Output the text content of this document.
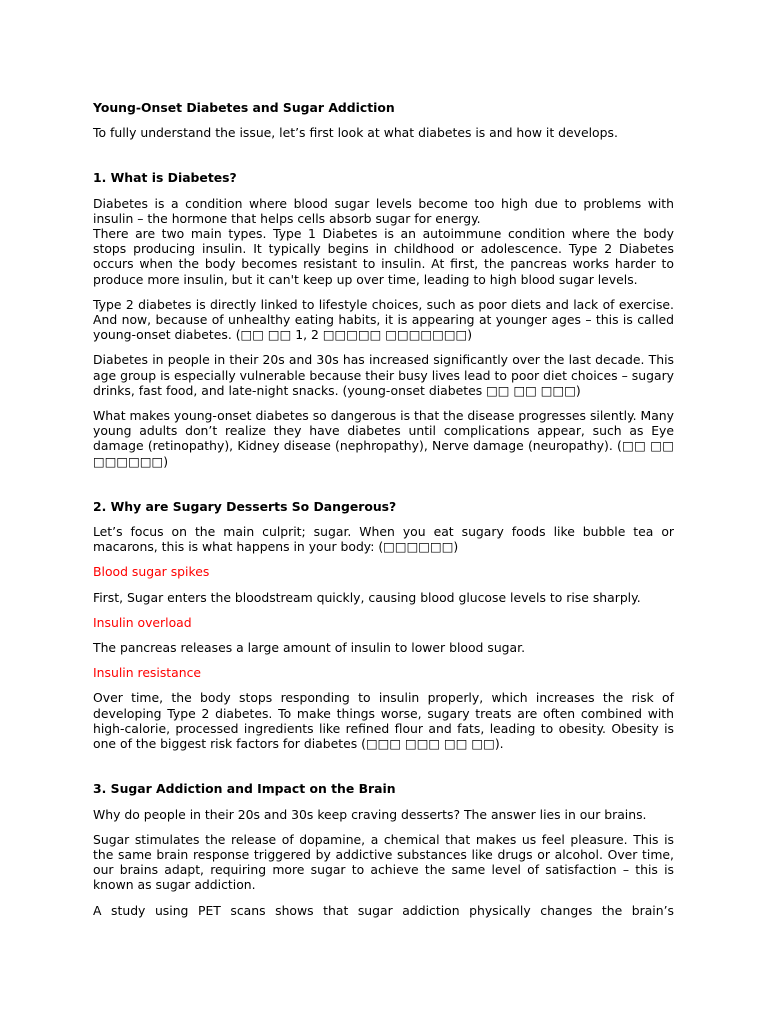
Young-Onset Diabetes and Sugar Addiction

To fully understand the issue, let’s first look at what diabetes is and how it develops.

1. What is Diabetes?

Diabetes is a condition where blood sugar levels become too high due to problems with insulin – the hormone that helps cells absorb sugar for energy.

There are two main types. Type 1 Diabetes is an autoimmune condition where the body stops producing insulin. It typically begins in childhood or adolescence. Type 2 Diabetes occurs when the body becomes resistant to insulin. At first, the pancreas works harder to produce more insulin, but it can't keep up over time, leading to high blood sugar levels.

Type 2 diabetes is directly linked to lifestyle choices, such as poor diets and lack of exercise. And now, because of unhealthy eating habits, it is appearing at younger ages – this is called young-onset diabetes. (□□ □□ 1, 2 □□□□□ □□□□□□□)

Diabetes in people in their 20s and 30s has increased significantly over the last decade. This age group is especially vulnerable because their busy lives lead to poor diet choices – sugary drinks, fast food, and late-night snacks. (young-onset diabetes □□ □□ □□□)

What makes young-onset diabetes so dangerous is that the disease progresses silently. Many young adults don’t realize they have diabetes until complications appear, such as Eye damage (retinopathy), Kidney disease (nephropathy), Nerve damage (neuropathy). (□□ □□ □□□□□□)

2. Why are Sugary Desserts So Dangerous?

Let’s focus on the main culprit; sugar. When you eat sugary foods like bubble tea or macarons, this is what happens in your body: (□□□□□□)

Blood sugar spikes

First, Sugar enters the bloodstream quickly, causing blood glucose levels to rise sharply.

Insulin overload

The pancreas releases a large amount of insulin to lower blood sugar.

Insulin resistance

Over time, the body stops responding to insulin properly, which increases the risk of developing Type 2 diabetes. To make things worse, sugary treats are often combined with high-calorie, processed ingredients like refined flour and fats, leading to obesity. Obesity is one of the biggest risk factors for diabetes (□□□ □□□ □□ □□).

3. Sugar Addiction and Impact on the Brain

Why do people in their 20s and 30s keep craving desserts? The answer lies in our brains.

Sugar stimulates the release of dopamine, a chemical that makes us feel pleasure. This is the same brain response triggered by addictive substances like drugs or alcohol. Over time, our brains adapt, requiring more sugar to achieve the same level of satisfaction – this is known as sugar addiction.

A study using PET scans shows that sugar addiction physically changes the brain’s
